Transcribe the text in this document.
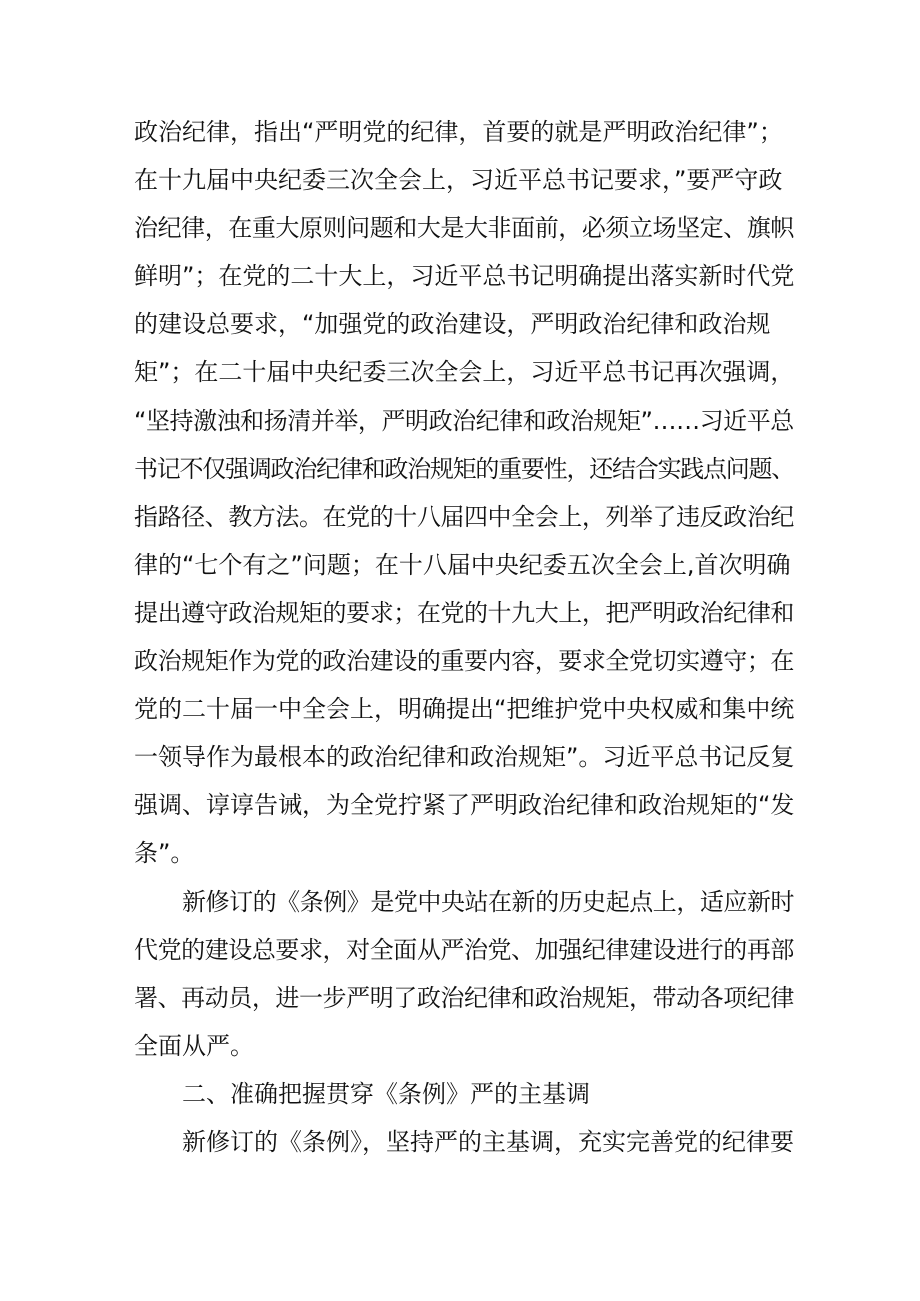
政治纪律，指出“严明党的纪律，首要的就是严明政治纪律”；
在十九届中央纪委三次全会上，习近平总书记要求，”要严守政
治纪律，在重大原则问题和大是大非面前，必须立场坚定、旗帜
鲜明”；在党的二十大上，习近平总书记明确提出落实新时代党
的建设总要求，“加强党的政治建设，严明政治纪律和政治规
矩”；在二十届中央纪委三次全会上，习近平总书记再次强调，
“坚持激浊和扬清并举，严明政治纪律和政治规矩”……习近平总
书记不仅强调政治纪律和政治规矩的重要性，还结合实践点问题、
指路径、教方法。在党的十八届四中全会上，列举了违反政治纪
律的“七个有之”问题；在十八届中央纪委五次全会上,首次明确
提出遵守政治规矩的要求；在党的十九大上，把严明政治纪律和
政治规矩作为党的政治建设的重要内容，要求全党切实遵守；在
党的二十届一中全会上，明确提出“把维护党中央权威和集中统
一领导作为最根本的政治纪律和政治规矩”。习近平总书记反复
强调、谆谆告诫，为全党拧紧了严明政治纪律和政治规矩的“发
条”。
新修订的《条例》是党中央站在新的历史起点上，适应新时
代党的建设总要求，对全面从严治党、加强纪律建设进行的再部
署、再动员，进一步严明了政治纪律和政治规矩，带动各项纪律
全面从严。
二、准确把握贯穿《条例》严的主基调
新修订的《条例》，坚持严的主基调，充实完善党的纪律要
